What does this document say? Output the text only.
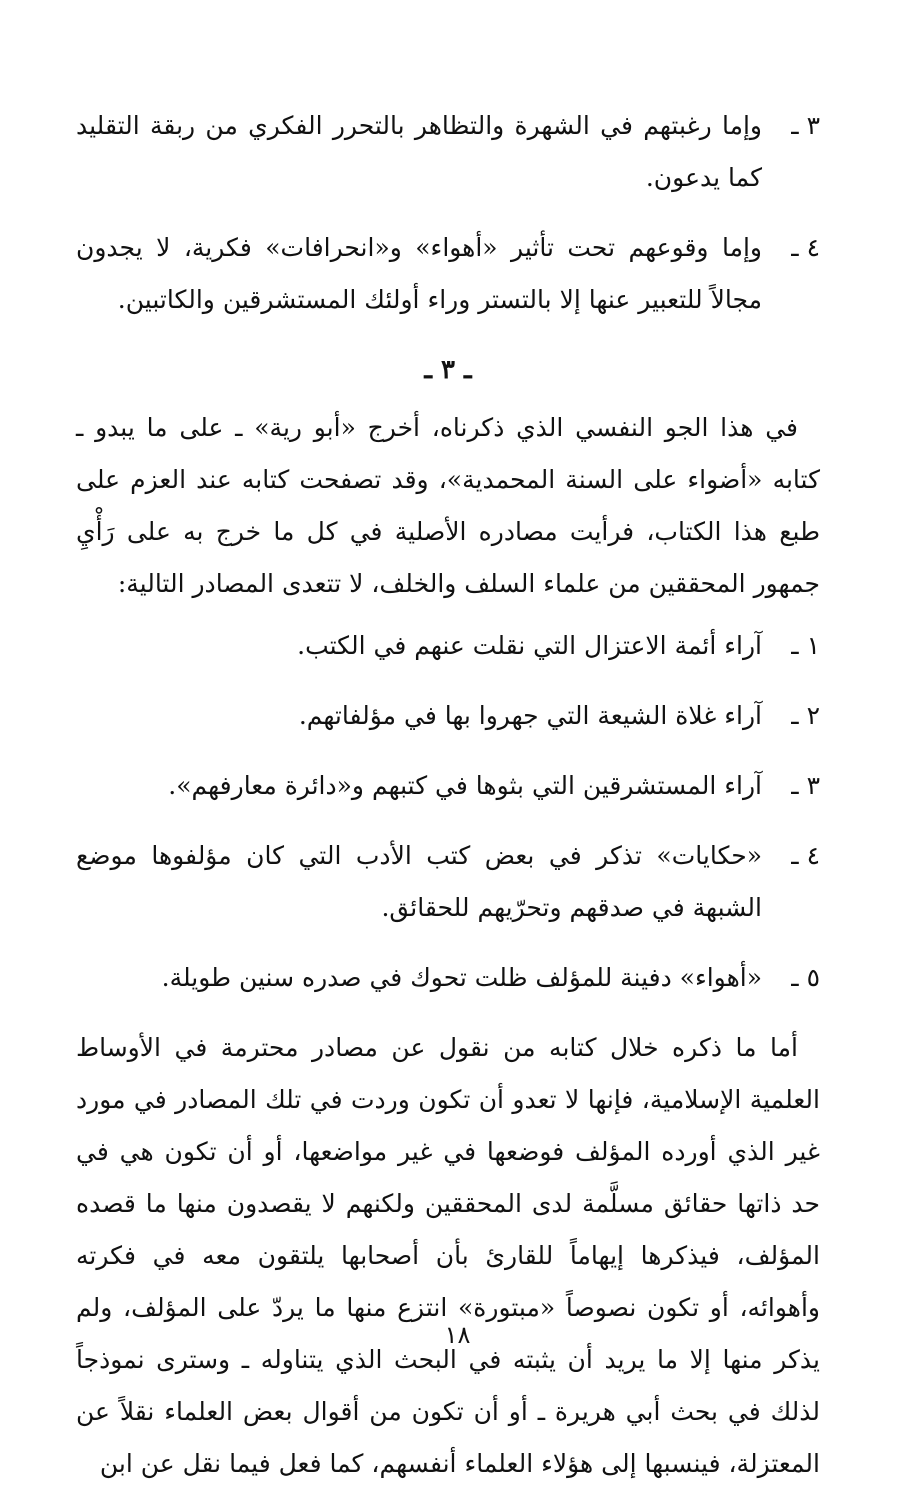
٣ ـ
وإما رغبتهم في الشهرة والتظاهر بالتحرر الفكري من ربقة التقليد كما يدعون.
٤ ـ
وإما وقوعهم تحت تأثير «أهواء» و«انحرافات» فكرية، لا يجدون مجالاً للتعبير عنها إلا بالتستر وراء أولئك المستشرقين والكاتبين.
ـ ٣ ـ
في هذا الجو النفسي الذي ذكرناه، أخرج «أبو رية» ـ على ما يبدو ـ كتابه «أضواء على السنة المحمدية»، وقد تصفحت كتابه عند العزم على طبع هذا الكتاب، فرأيت مصادره الأصلية في كل ما خرج به على رَأْيِ جمهور المحققين من علماء السلف والخلف، لا تتعدى المصادر التالية:
١ ـ
آراء أئمة الاعتزال التي نقلت عنهم في الكتب.
٢ ـ
آراء غلاة الشيعة التي جهروا بها في مؤلفاتهم.
٣ ـ
آراء المستشرقين التي بثوها في كتبهم و«دائرة معارفهم».
٤ ـ
«حكايات» تذكر في بعض كتب الأدب التي كان مؤلفوها موضع الشبهة في صدقهم وتحرّيهم للحقائق.
٥ ـ
«أهواء» دفينة للمؤلف ظلت تحوك في صدره سنين طويلة.
أما ما ذكره خلال كتابه من نقول عن مصادر محترمة في الأوساط العلمية الإسلامية، فإنها لا تعدو أن تكون وردت في تلك المصادر في مورد غير الذي أورده المؤلف فوضعها في غير مواضعها، أو أن تكون هي في حد ذاتها حقائق مسلَّمة لدى المحققين ولكنهم لا يقصدون منها ما قصده المؤلف، فيذكرها إيهاماً للقارئ بأن أصحابها يلتقون معه في فكرته وأهوائه، أو تكون نصوصاً «مبتورة» انتزع منها ما يردّ على المؤلف، ولم يذكر منها إلا ما يريد أن يثبته في البحث الذي يتناوله ـ وسترى نموذجاً لذلك في بحث أبي هريرة ـ أو أن تكون من أقوال بعض العلماء نقلاً عن المعتزلة، فينسبها إلى هؤلاء العلماء أنفسهم، كما فعل فيما نقل عن ابن
١٨
